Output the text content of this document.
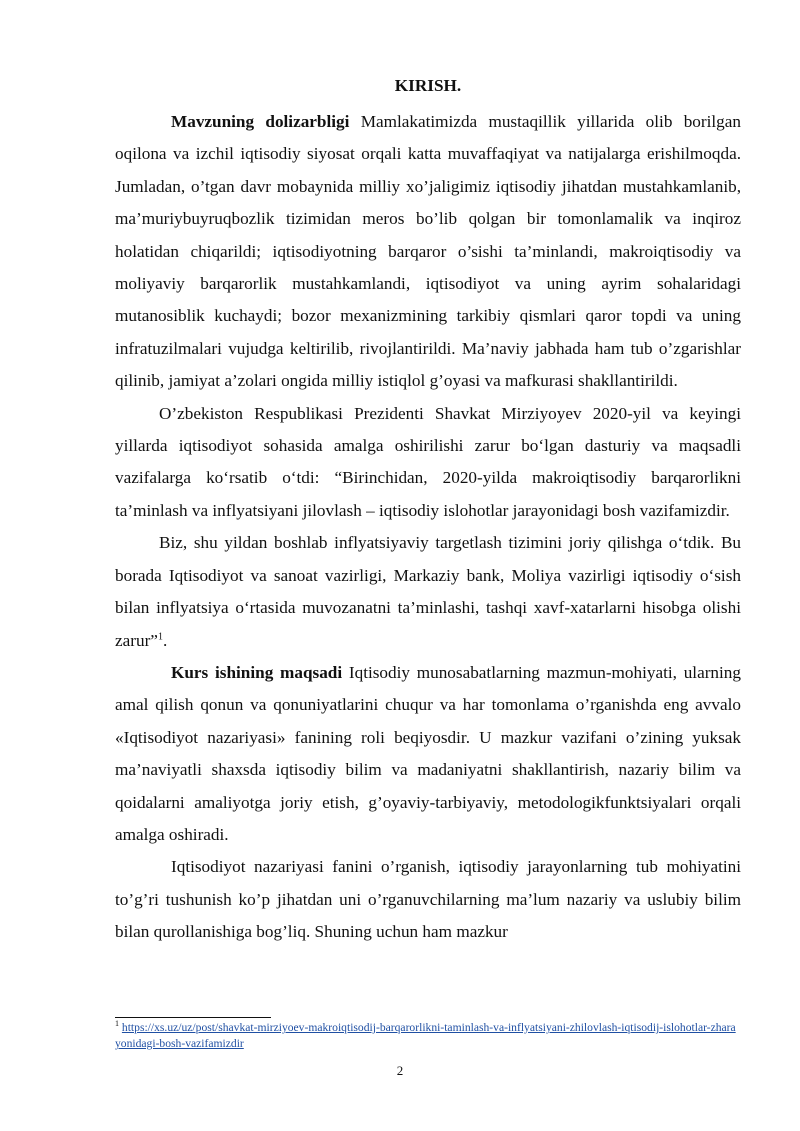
KIRISH.

Mavzuning dolizarbligi Mamlakatimizda mustaqillik yillarida olib borilgan oqilona va izchil iqtisodiy siyosat orqali katta muvaffaqiyat va natijalarga erishilmoqda. Jumladan, o’tgan davr mobaynida milliy xo’jaligimiz iqtisodiy jihatdan mustahkamlanib, ma’muriybuyruqbozlik tizimidan meros bo’lib qolgan bir tomonlamalik va inqiroz holatidan chiqarildi; iqtisodiyotning barqaror o’sishi ta’minlandi, makroiqtisodiy va moliyaviy barqarorlik mustahkamlandi, iqtisodiyot va uning ayrim sohalaridagi mutanosiblik kuchaydi; bozor mexanizmining tarkibiy qismlari qaror topdi va uning infratuzilmalari vujudga keltirilib, rivojlantirildi. Ma’naviy jabhada ham tub o’zgarishlar qilinib, jamiyat a’zolari ongida milliy istiqlol g’oyasi va mafkurasi shakllantirildi.

O’zbekiston Respublikasi Prezidenti Shavkat Mirziyoyev 2020-yil va keyingi yillarda iqtisodiyot sohasida amalga oshirilishi zarur bo‘lgan dasturiy va maqsadli vazifalarga ko‘rsatib o‘tdi: “Birinchidan, 2020-yilda makroiqtisodiy barqarorlikni ta’minlash va inflyatsiyani jilovlash – iqtisodiy islohotlar jarayonidagi bosh vazifamizdir.

Biz, shu yildan boshlab inflyatsiyaviy targetlash tizimini joriy qilishga o‘tdik. Bu borada Iqtisodiyot va sanoat vazirligi, Markaziy bank, Moliya vazirligi iqtisodiy o‘sish bilan inflyatsiya o‘rtasida muvozanatni ta’minlashi, tashqi xavf-xatarlarni hisobga olishi zarur”$^1$.

Kurs ishining maqsadi Iqtisodiy munosabatlarning mazmun-mohiyati, ularning amal qilish qonun va qonuniyatlarini chuqur va har tomonlama o’rganishda eng avvalo «Iqtisodiyot nazariyasi» fanining roli beqiyosdir. U mazkur vazifani o’zining yuksak ma’naviyatli shaxsda iqtisodiy bilim va madaniyatni shakllantirish, nazariy bilim va qoidalarni amaliyotga joriy etish, g’oyaviy-tarbiyaviy, metodologikfunktsiyalari orqali amalga oshiradi.

Iqtisodiyot nazariyasi fanini o’rganish, iqtisodiy jarayonlarning tub mohiyatini to’g’ri tushunish ko’p jihatdan uni o’rganuvchilarning ma’lum nazariy va uslubiy bilim bilan qurollanishiga bog’liq. Shuning uchun ham mazkur

$^1$ https://xs.uz/uz/post/shavkat-mirziyoev-makroiqtisodij-barqarorlikni-taminlash-va-inflyatsiyani-zhilovlash-iqtisodij-islohotlar-zharayonidagi-bosh-vazifamizdir
2
